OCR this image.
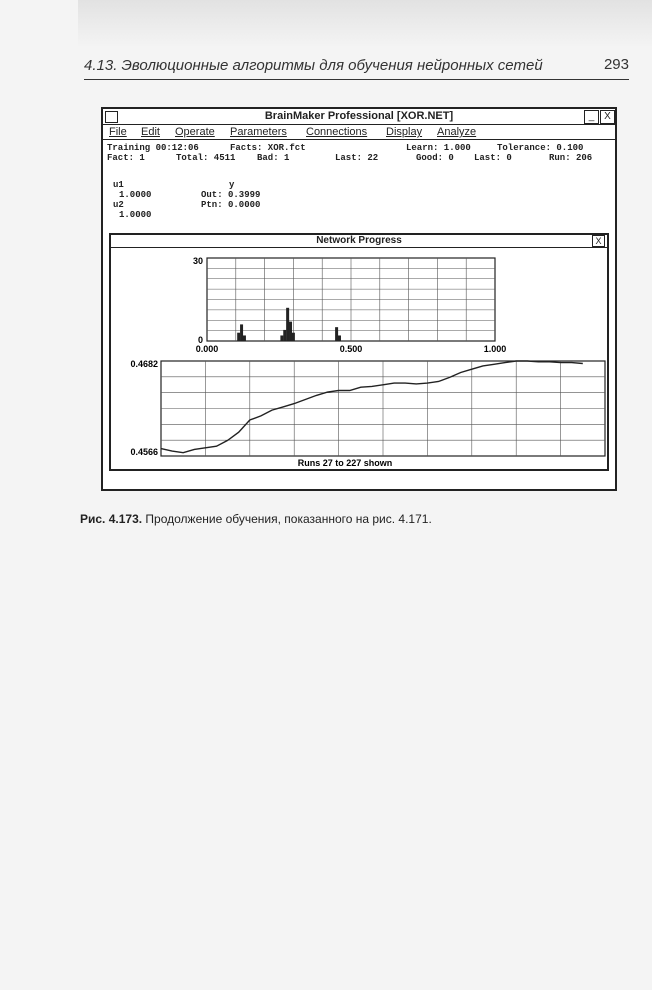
4.13. Эволюционные алгоритмы для обучения нейронных сетей	293
BrainMaker Professional [XOR.NET]	_ X
File Edit Operate Parameters Connections Display Analyze
Training 00:12:06	Facts: XOR.fct	Learn: 1.000	Tolerance: 0.100
Fact: 1	Total: 4511 Bad: 1	Last: 22	Good: 0 Last: 0	Run: 206
u1
1.0000
u2
1.0000
y
Out: 0.3999
Ptn: 0.0000
Network Progress	X
30
0
0.000	0.500	1.000
0.4682
0.4566
Runs 27 to 227 shown
Рис. 4.173. Продолжение обучения, показанного на рис. 4.171.
